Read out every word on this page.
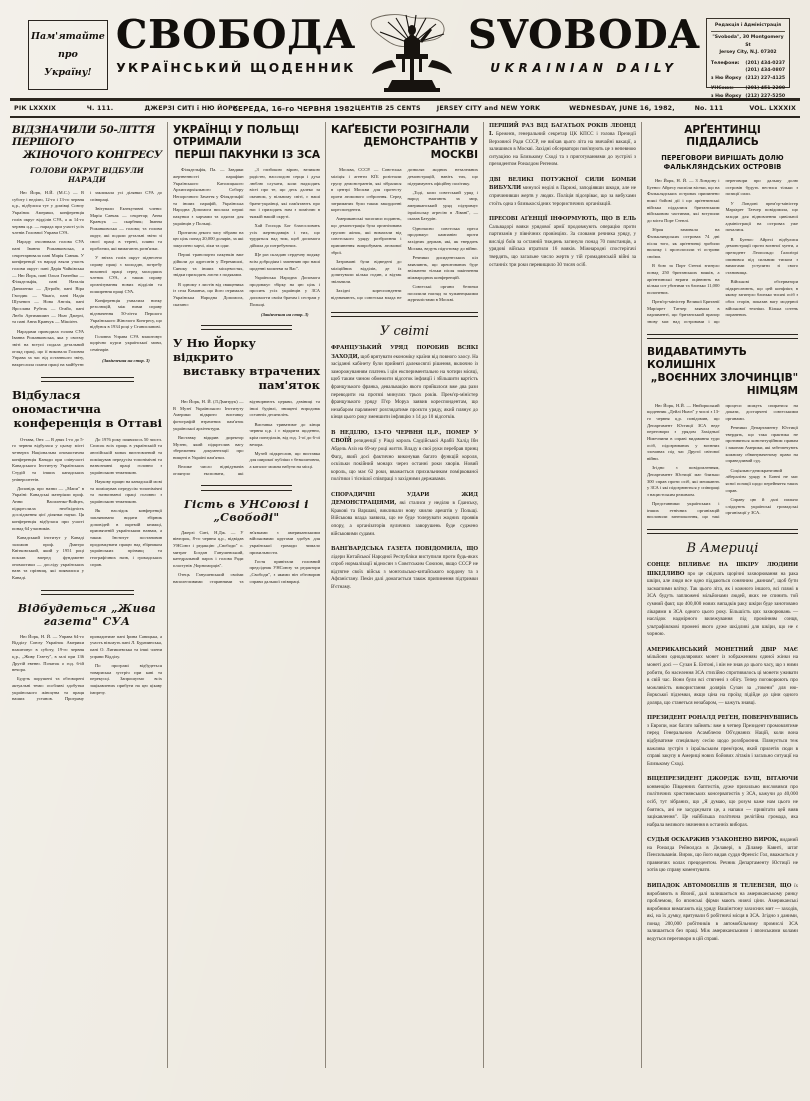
Пам'ятайте
про
Україну!
СВОБОДА
УКРАЇНСЬКИЙ ЩОДЕННИК
SVOBODA
UKRAINIAN DAILY
Редакція і Адміністрація
"Svoboda", 30 Montgomery St
Jersey City, N.J. 07302
Телефони: (201) 434-0237
(201) 434-0807
з Ню Йорку (212) 227-4125
УНСоюз:	(201) 451-2200
з Ню Йорку (212) 227-5250
РІК LXXXIX	Ч. 111.	ДЖЕРЗІ СИТІ і НЮ ЙОРК
СЕРЕДА, 16-го ЧЕРВНЯ 1982 ЦЕНТІВ 25 CENTS	JERSEY CITY and NEW YORK	WEDNESDAY, JUNE 16, 1982,	No. 111	VOL. LXXXIX
ВІДЗНАЧИЛИ 50-ЛІТТЯ ПЕРШОГО
ЖІНОЧОГО КОНГРЕСУ
ГОЛОВИ ОКРУГ ВІДБУЛИ НАРАДИ

Ню Йорк, Н.Й. (М.С.) — В суботу і неділю, 12-го і 13-го червня ц.р., відбулися тут у домівці Союзу Українок Америки, конференція голів округ відділів СУА, а ж 14-го червня ц.р. — нарада при участі усіх членів Головної Управи СУА.

Нараду очолювала голова СУА пані Іванна Рожанковська, а секретарювала пані Марія Савчак. У конференції та нараді взяли участь голови округ: пані Дарія Чайківська — Ню Йорк, пані Ольга Гнатейко — Філядельфія, пані Наталія Даниленко — Дітройт, пані Віра Гвоздик — Чікаґо, пані Надія Шухевич — Нова Англія, пані Ярослава Рубель — Огайо, пані Люба Артимишин — Нью Джерзі, та пані Анна Кравчук — Мішіґен.

Нарадами проводила голова СУА Іванна Рожанковська, яка у своєму звіті на вступі подала детальний огляд праці, що її виконала Головна Управа за час від останнього звіту, накреслила плани праці на майбутнє і закликала усі ділянки СУА до співпраці.

Звітували Екзекутивні члени: Марія Савчак — секретар; Анна Кравчук — скарбник; Іванна Рожанковська — голова; та голови округ, які подали детальні звіти зі своєї праці в терені, пляни та проблеми, які вимагають розв'язки.

У звітах голів округ піднесено справу праці з молоддю, потребу виховної праці серед молодших членок СУА, а також справу організування нових відділів та поширення праці СУА.

Конференція ухвалила низку резолюцій, між ними справу відзначення 50-ліття Першого Українського Жіночого Конгресу, що відбувся в 1934 році у Станиславові.

Головна Управа СУА влаштовує щорічно курси української мови, семінарів

(Закінчення на стор. 3)

Відбулася ономастична
конференція в Оттаві

Оттава, Онт. — В днях 1-го до 5-го червня відбулася у цьому місті четверта Національна ономастична конференція Канади при співучасті Канадського Інституту Українських Студій та інших канадських університетів.

Доповідь про назви — „Мапи" в Україні: Канадські матеріяли проф. Анни Василенко-Войцех, підкреслила необхідність дослідження цієї ділянки науки. Ця конференція відбулася при участі понад 64 учасників.

Канадський інститут у Канаді заложив проф. Дмитро Квітковський, який у 1951 році поклав вперед фундамент ономастики — досліду українських назв та прізвищ, які появилися у Канаді.

До 1976 року появилось 50 чисел. Список всіх праць в українській та англійській мовах виготовлений та поміщував передусім топонімічні та назвознавчі праці головно з українською тематикою.

Наукову працю на канадській мові та помішував передусім топонімічні та назвознавчі праці головно з українською тематикою.

Як наслідок конференції запляновано видати збірник доповідей в окремій книжці, присвяченій українським назвам, а також Інститут постановив продовжувати працю над збірником українських прізвищ та географічних назв, і громадських справ.

Відбудеться „Жива газета" СУА

Ню Йорк, Н. Й. — Управа 64-го Відділу Союзу Українок Америки влаштовує в суботу, 19-го червня ц.р., „Живу Газету", в залі при 136 Другій евеню. Початок о год. 6-ій вечора.

Будуть порушені та обговорені актуальні теми: особливі здобутки українського жіноцтва та праця наших установ. Програму провадитиме пані Ірина Савицька, а участь візьмуть пані Л. Бурачинська, пані О. Лятишевська та інші члени управи Відділу.

По програмі відбудеться товариська зустріч при каві та перекусці. Запрошуємо всіх зацікавлених прибути на цю цікаву імпрезу.

УКРАЇНЦІ У ПОЛЬЩІ ОТРИМАЛИ
ПЕРШІ ПАКУНКИ ІЗ ЗСА

Філядельфія, Па. — Завдяки жертвенності парафіян Українського Католицького Архиєпархіяльного Собору Непорочного Зачаття у Філядельфії та інших парафій, Українська Народна Допомога вислала перші пакунки з харчами та одягом для українців у Польщі.

Протягом декого часу зібрано на цю ціль понад 20,000 долярів, за які закуплено харчі, ліки та одяг.

Перші транспорти пакунків вже дійшли до адресатів у Перемишлі, Сяноку та інших місцевостях, звідки приходять листи з подяками.

В одному з листів від священика із села Команча, що його отримала Українська Народна Допомога, сказано:

„З глибокою вірою, великою радістю, насолодою серця і духа люблю слухати, коли надходять вісті про те, що десь далеко за океаном, у вільному світі, є наші брати-українці, які пам'ятають про нас і приходять нам з поміччю в тяжкій нашій скруті.

Хай Господь Бог благословить усіх жертводавців і тих, що трудяться над тим, щоб допомога дійшла до потребуючих.

Ще раз складаю сердечну подяку всім добродіям і запевняю про наші щоденні молитви за Вас".

Українська Народна Допомога продовжує збірку на цю ціль і просить усіх українців у ЗСА допомогти своїм братам і сестрам у Польщі.

(Закінчення на стор. 3)

У Ню Йорку відкрито
виставку втрачених пам'яток

Ню Йорк, Н. Й. (Л.Дмитрук) — В Музеї Українського Інституту Америки відкрито виставку фотографій втрачених пам'яток української архітектури.

Виставку відкрив директор Музею, який підкреслив вагу збереження документації про нищені в Україні пам'ятки.

Велике число відвідувачів оглянуло експонати, які відтворюють церкви, дзвіниці та інші будівлі, знищені впродовж останніх десятиліть.

Виставка триватиме до кінця червня ц.р. і є відкрита щоденно, крім понеділків, від год. 1-ої до 6-ої вечора.

Музей підкреслив, що виставка для широкої публіки є безкоштовна, а каталог можна набути на місці.

Гість в УНСоюзі і „Свободі"

Джерзі Ситі, Н.Дж. — У вівторок, 8-го червня ц.р., відвідав УНСоюз і редакцію „Свободи" о. митрат Богдан Ганушевський, катедральний парох і голова Ради пластунів „Чорноморців".

Отець Ганушевський своїми наполегливими стараннями та зв'язками з американськими військовими кругами здобув для української громади чимало прихильности.

Гостя привітали головний предсідник УНСоюзу та редактори „Свободи", з якими він обговорив справи дальшої співпраці.

КАҐЕБІСТИ РОЗІГНАЛИ
ДЕМОНСТРАНТІВ У МОСКВІ

Москва, СССР. — Совєтська міліція і агенти КҐБ розігнали групу демонстрантів, які зібралися в центрі Москви для протесту проти атомового озброєння. Серед затриманих були також закордонні кореспонденти.

Американські часописи подають, що демонстрація була організована групою жінок, які вимагали від совєтського уряду розброєння і припинення випробувань атомової зброї.

Затримані були відведені до міліційних відділів, де їх допитували кілька годин, а відтак звільнили.

Західні кореспонденти відзначають, що совєтська влада не дозволяє жодних незалежних демонстрацій, навіть тих, що підтримують офіційну політику.

„Тоді, коли совєтський уряд і народ змагають за мир, американський уряд підтримує ізраїльську агресію в Лівані", — сказав Батурін.

Одночасно совєтська преса продовжує кампанію проти західних держав, які, як твердить Москва, ведуть підготовку до війни.

Речники дисидентських кіл заявляють, що арештованих буде звільнено тільки після закінчення міжнародних конференцій.

Совєтські органи безпеки посилили нагляд за чужинецькими журналістами в Москві.

У світі

ФРАНЦУЗЬКИЙ УРЯД ПОРОБИВ ВСЯКІ ЗАХОДИ, щоб врятувати економіку країни від повного хаосу. На засіданні кабінету були прийняті далекосяглі рішення, включно із заморожуванням платень і цін експериментально на чотири місяці, щоб таким чином обмежити відсоток інфляції і збільшити вартість французького франка, девальвацію якого прийшлося вже два рази переводити на протязі минулих трьох років. Прем'єр-міністер французького уряду П'єр Моруа заявив кореспондентам, що незабаром парлямент розглядатиме проєкти уряду, який плянує до кінця цього року зменшити інфляцію з 14 до 10 відсотків.

В НЕДІЛЮ, 13-ГО ЧЕРВНЯ Ц.Р., ПОМЕР У СВОЇЙ резиденції у Ріяді король Саудійської Арабії Халід Ібн Абдель Азіз на 69-му році життя. Владу в свої руки перебрав принц Фагд, який досі фактично виконував багато функцій короля, оскільки покійний монарх через останні роки хворів. Новий король, що має 62 роки, вважається прихильником поміркованої політики і тіснішої співпраці з західними державами.

СПОРАДИЧНІ УДАРИ ЖИД ДЕМОНСТРАЦІЯМИ, які сталися у неділю в Ґданську, Кракові та Варшаві, викликали нову хвилю арештів у Польщі. Військова влада заявила, що не буде толерувати жодних проявів опору, а організаторів вуличних заворушень буде суджено військовими судами.

ВАНҐВАРДСЬКА ГАЗЕТА ПОВІДОМИЛА, ЩО лідери Китайської Народної Республіки виступили проти будь-яких спроб нормалізації відносин з Совєтським Союзом, якщо СССР не відтягне своїх військ з монгольсько-китайського кордону та з Афґаністану. Пекін далі домагається також припинення підтримки В'єтнаму.

ПЕРШИЙ РАЗ ВІД БАГАТЬОХ РОКІВ ЛЕОНІД І. Брежнєв, генеральний секретар ЦК КПСС і голова Президії Верховної Ради СССР, не виїхав цього літа на звичайні вакації, а залишився в Москві. Західні обсерватори пов'язують це з непевною ситуацією на Близькому Сході та з приготуваннями до зустрічі з президентом Роналдом Реґеном.

ДВІ ВЕЛИКІ ПОТУЖНОЇ СИЛИ БОМБИ ВИБУХЛИ минулої неділі в Парижі, заподіявши шкоди, але не спричинивши жертв у людях. Поліція підозріває, що за вибухами стоїть одна з близькосхідних терористичних організацій.

ПРЕСОВІ АҐЕНЦІЇ ІНФОРМУЮТЬ, ЩО В ЕЛЬ Сальвадорі вояки урядової армії продовжують операцію проти партизанів у північних провінціях. За словами речника уряду, у висліді боїв за останній тиждень загинуло понад 70 повстанців, а урядові війська втратили 16 вояків. Міжнародні спостерігачі твердять, що загальне число жертв у тій громадянській війні за останніх три роки перевищило 30 тисяч осіб.

АРҐЕНТИНЦІ ПІДДАЛИСЬ
ПЕРЕГОВОРИ ВИРІШАТЬ ДОЛЮ
ФАЛЬКЛЯНДСЬКИХ ОСТРОВІВ

Ню Йорк, Н. Й. — З Лондону і Буенос Айресу наспіли вістки, що на Фальклядських островах припинено всякі бойові дії і що арґентинські війська піддалися британським військовим частинам, які вступили до міста Порт Стенлі.

Зброя замовкла на Фалькляндських островах 74 дні після того, як арґентинці зробили вилазку і проголосили ті острови своїми.

В бою за Порт Стенлі згинуло понад 250 британських вояків, а арґентинські втрати оцінюють на кілька сот убитими та близько 11,000 полонених.

Прем'єр-міністер Великої Британії Марґарет Татчер заявила в парляменті, що британський прапор знову має над островами і що переговори про дальшу долю островів будуть вестися тільки з позиції сили.

У Лондоні прем'єр-міністер Марґарет Татчер повідомила, що заходи для відновлення цивільної адміністрації на островах уже почалися.

В Буенос Айресі відбулися демонстрації проти воєнної хунти, а президент Леопольдо Ґальтієрі опинився під сильним тиском з вимогами уступити зі свого становища.

Військові обсерватори підкреслюють, що цей конфлікт, в якому загинуло близько тисячі осіб з обох сторін, показав вагу модерної військової техніки. Кілька сотень поранених.

ВИДАВАТИМУТЬ КОЛИШНІХ
„ВОЄННИХ ЗЛОЧИНЦІВ" НІМЦЯМ

Ню Йорк, Н.Й. — Нюйоркський щоденник „Дейлі Ньюз" у числі з 13-го червня ц.р. повідомив, що Департамент Юстиції ЗСА веде переговори з урядом Західньої Німеччини в справі видавання туди осіб, підозрюваних у воєнних злочинах під час Другої світової війни.

Згідно з повідомленням, Департамент Юстиції має близько 300 справ проти осіб, які мешкають у ЗСА і які підозрюються у співпраці з нацистським режимом.

Представники українських і інших етнічних організацій висловили занепокоєння, що такі процеси можуть спиратися на докази, достарчені совєтськими органами.

Речники Департаменту Юстиції твердять, що така практика не противиться конституційним правам і законам Америки, які забезпечують кожному обвинуваченому право на справедливий суд.

Соціяльно-демократичний лібералізм уряду в Бонні не має ясної позиції щодо перейняття таких справ.

Справу цю й далі пильно слідкують українські громадські організації у ЗСА.

В Америці

СОНЦЕ ВПЛИВАЄ НА ШКІРУ ЛЮДИНИ ШКІДЛИВО про це свідчать щорічні захворювання на рака шкіри, але люди все одно піддаються сонячним „ваннам", щоб бути засмаглими влітку. Так цього літа, як і кожного іншого, всі пляжі в ЗСА будуть заплюжені мільйонами людей, яких не спинить той сумний факт, що 400,000 нових випадків раку шкіри буде занотовано лікарями в ЗСА одного цього року. Більшість цих захворювань — наслідок надмірного вилежування під промінням сонця, ультрафіялкові промені якого дуже шкідливі для шкіри, що не є чорною.

АМЕРИКАНСЬКИЙ МОНЕТНИЙ ДВІР МАЄ мільйони однодолярових монет із зображенням єдиної жінки на монеті досі — Сузан Б. Ентоні, і він не знав до цього часу, що з ними робити, бо населення ЗСА стихійно спротивилось ці монети уживати в свій час. Вони були всі стягнені з обігу. Тепер поговорюють про можливість використання долярів Сузан за „токени" для ню-йоркської підземки, якщо ціна на проїзд підійде до ціни одного доляра, що станеться незабаром, — кажуть знавці.

ПРЕЗИДЕНТ РОНАЛД РЕҐЕН, ПОВЕРНУВШИСЬ з Европи, має багато зайнять: вже в четвер Президент промовлятиме перед Генеральною Асамблеєю Об'єднаних Націй, коли вона відбуватиме спеціяльну сесію щодо роззброєння. Плянується теж важлива зустріч з ізраїльським прем'єром, який прилетів сюди в справі закупу в Америці нових бойових літаків і загально ситуації на Близькому Сході.

ВІЦЕПРЕЗИДЕНТ ДЖОРДЖ БУШ, ВІТАЮЧИ конвенцію Південних баптистів, дуже прихильно висловився про політичних християнських консерватистів у ЗСА, кажучи до 40,000 осіб, тут зібраних, що „Я думаю, що розум каже нам цього не боятись, ані не засуджувати це, а напаки — привітати цей вияв зацікавлення". Це найбільша політична релігійна громада, яка набрала великого значення в останніх виборах.

СУДЬЯ ОСКАРЖИВ УЗАКОНЕНО ВИРОК, виданий на Роналда Рейнолдса в Делавері, в Ділавер Кавнті, штат Пенсильванія. Вирок, що його видав суддя Френсіс Гол, вважається у правничих колах прецедентом. Речник Департаменту Юстиції не хотів цю справу коментувати.

ВИПАДОК АВТОМОБІЛІВ Я ТЕЛЕВІЗІЯ, ЩО їх виробляють в Японії, далі залишається на американському ринку проблемою, бо японські фірми мають нижчі ціни. Американські виробники вимагають від уряду Вашінґтону захисних мит — заходів, які, на їх думку, врятували б робітничі місця в ЗСА. Згідно з даними, понад 200,000 робітників в автомобільному промислі ЗСА залишається без праці. Між американськими і японськими колами ведуться переговори в цій справі.
